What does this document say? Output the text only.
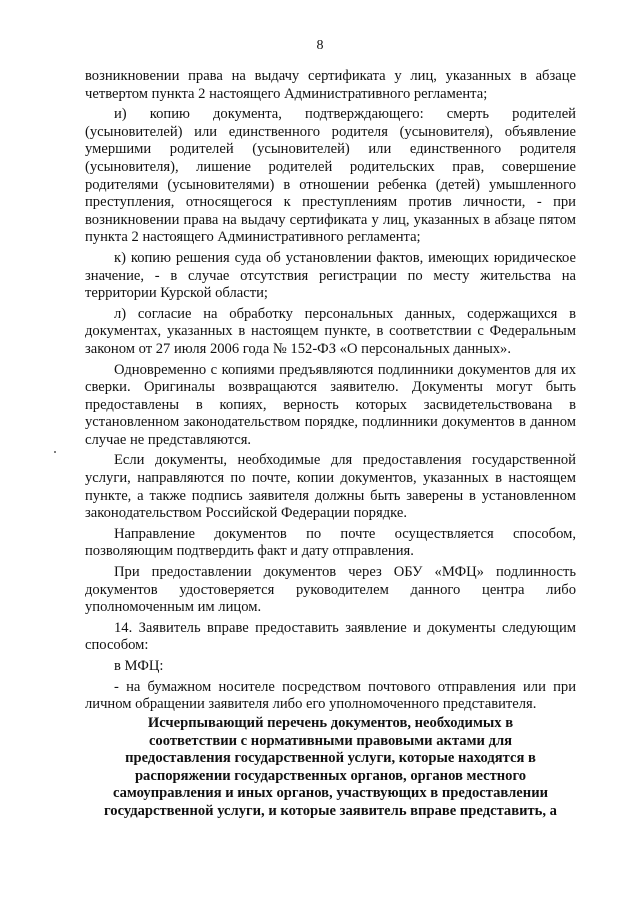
8

возникновении права на выдачу сертификата у лиц, указанных в абзаце четвертом пункта 2 настоящего Административного регламента;

и) копию документа, подтверждающего: смерть родителей (усыновителей) или единственного родителя (усыновителя), объявление умершими родителей (усыновителей) или единственного родителя (усыновителя), лишение родителей родительских прав, совершение родителями (усыновителями) в отношении ребенка (детей) умышленного преступления, относящегося к преступлениям против личности, - при возникновении права на выдачу сертификата у лиц, указанных в абзаце пятом пункта 2 настоящего Административного регламента;

к) копию решения суда об установлении фактов, имеющих юридическое значение, - в случае отсутствия регистрации по месту жительства на территории Курской области;

л) согласие на обработку персональных данных, содержащихся в документах, указанных в настоящем пункте, в соответствии с Федеральным законом от 27 июля 2006 года № 152-ФЗ «О персональных данных».

Одновременно с копиями предъявляются подлинники документов для их сверки. Оригиналы возвращаются заявителю. Документы могут быть предоставлены в копиях, верность которых засвидетельствована в установленном законодательством порядке, подлинники документов в данном случае не представляются.

Если документы, необходимые для предоставления государственной услуги, направляются по почте, копии документов, указанных в настоящем пункте, а также подпись заявителя должны быть заверены в установленном законодательством Российской Федерации порядке.

Направление документов по почте осуществляется способом, позволяющим подтвердить факт и дату отправления.

При предоставлении документов через ОБУ «МФЦ» подлинность документов удостоверяется руководителем данного центра либо уполномоченным им лицом.

14. Заявитель вправе предоставить заявление и документы следующим способом:

в МФЦ:

- на бумажном носителе посредством почтового отправления или при личном обращении заявителя либо его уполномоченного представителя.

Исчерпывающий перечень документов, необходимых в
соответствии с нормативными правовыми актами для
предоставления государственной услуги, которые находятся в
распоряжении государственных органов, органов местного
самоуправления и иных органов, участвующих в предоставлении
государственной услуги, и которые заявитель вправе представить, а
